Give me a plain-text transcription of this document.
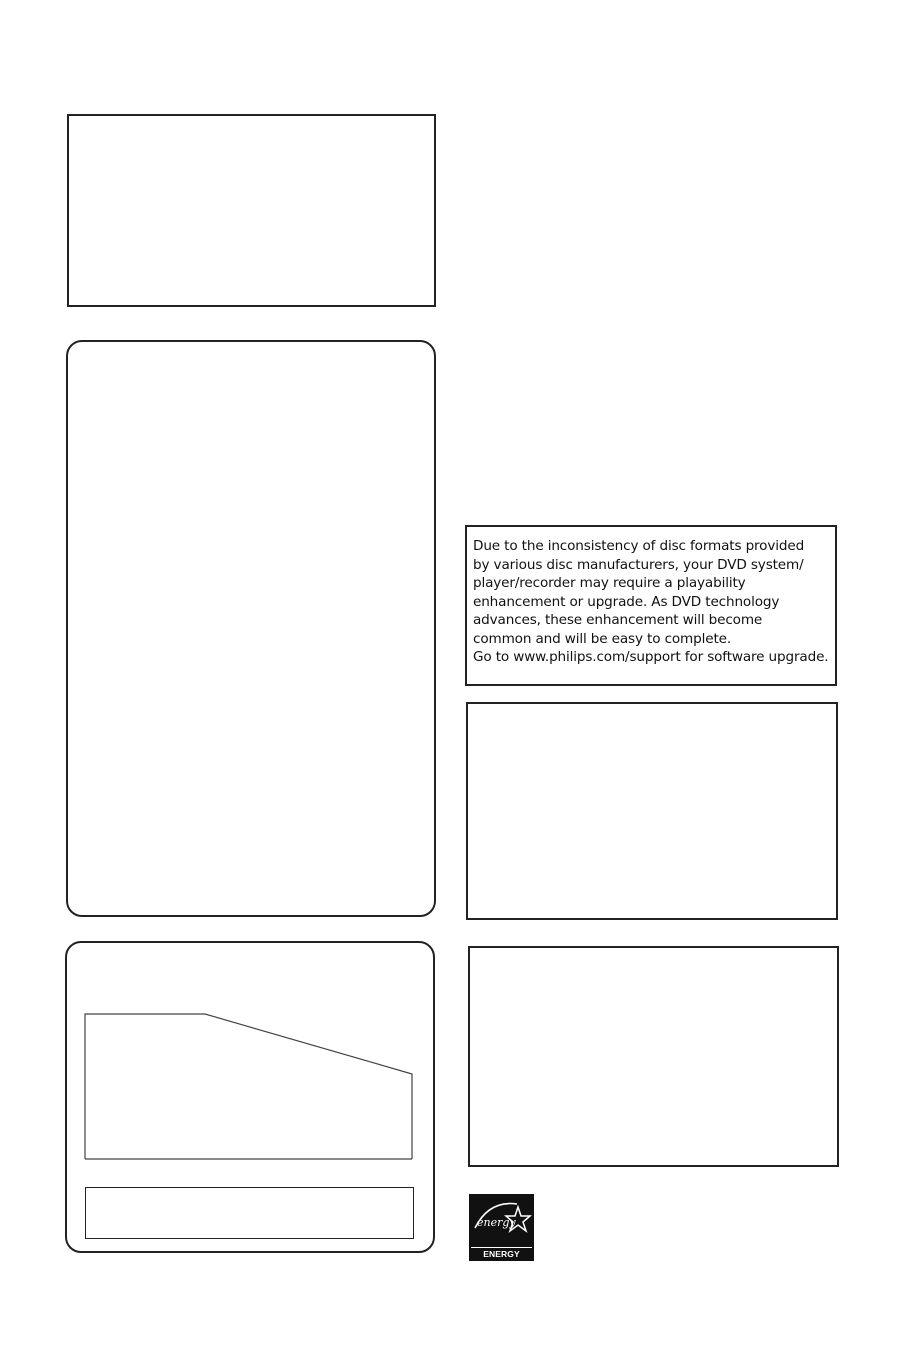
Due to the inconsistency of disc formats provided
by various disc manufacturers, your DVD system/
player/recorder may require a playability
enhancement or upgrade. As DVD technology
advances, these enhancement will become
common and will be easy to complete.
Go to www.philips.com/support for software upgrade.
energy
ENERGY STAR
